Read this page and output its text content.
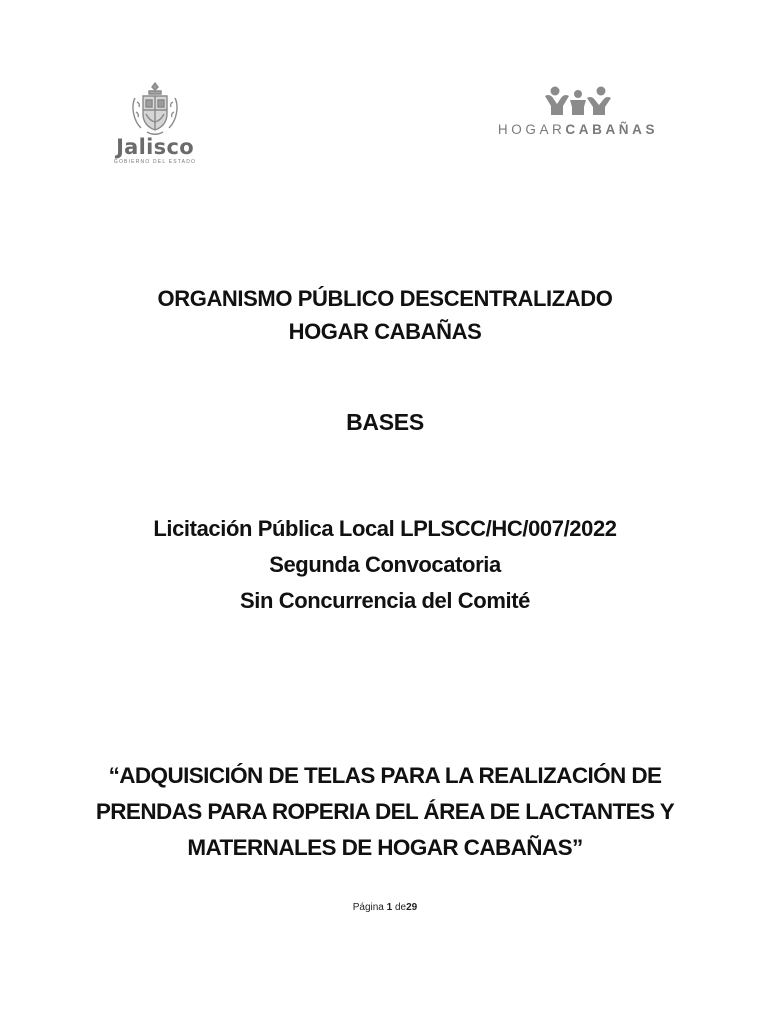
Jalisco
GOBIERNO DEL ESTADO
HOGARCABAÑAS
ORGANISMO PÚBLICO DESCENTRALIZADO
HOGAR CABAÑAS
BASES
Licitación Pública Local LPLSCC/HC/007/2022
Segunda Convocatoria
Sin Concurrencia del Comité
“ADQUISICIÓN DE TELAS PARA LA REALIZACIÓN DE
PRENDAS PARA ROPERIA DEL ÁREA DE LACTANTES Y
MATERNALES DE HOGAR CABAÑAS”
Página 1 de29
